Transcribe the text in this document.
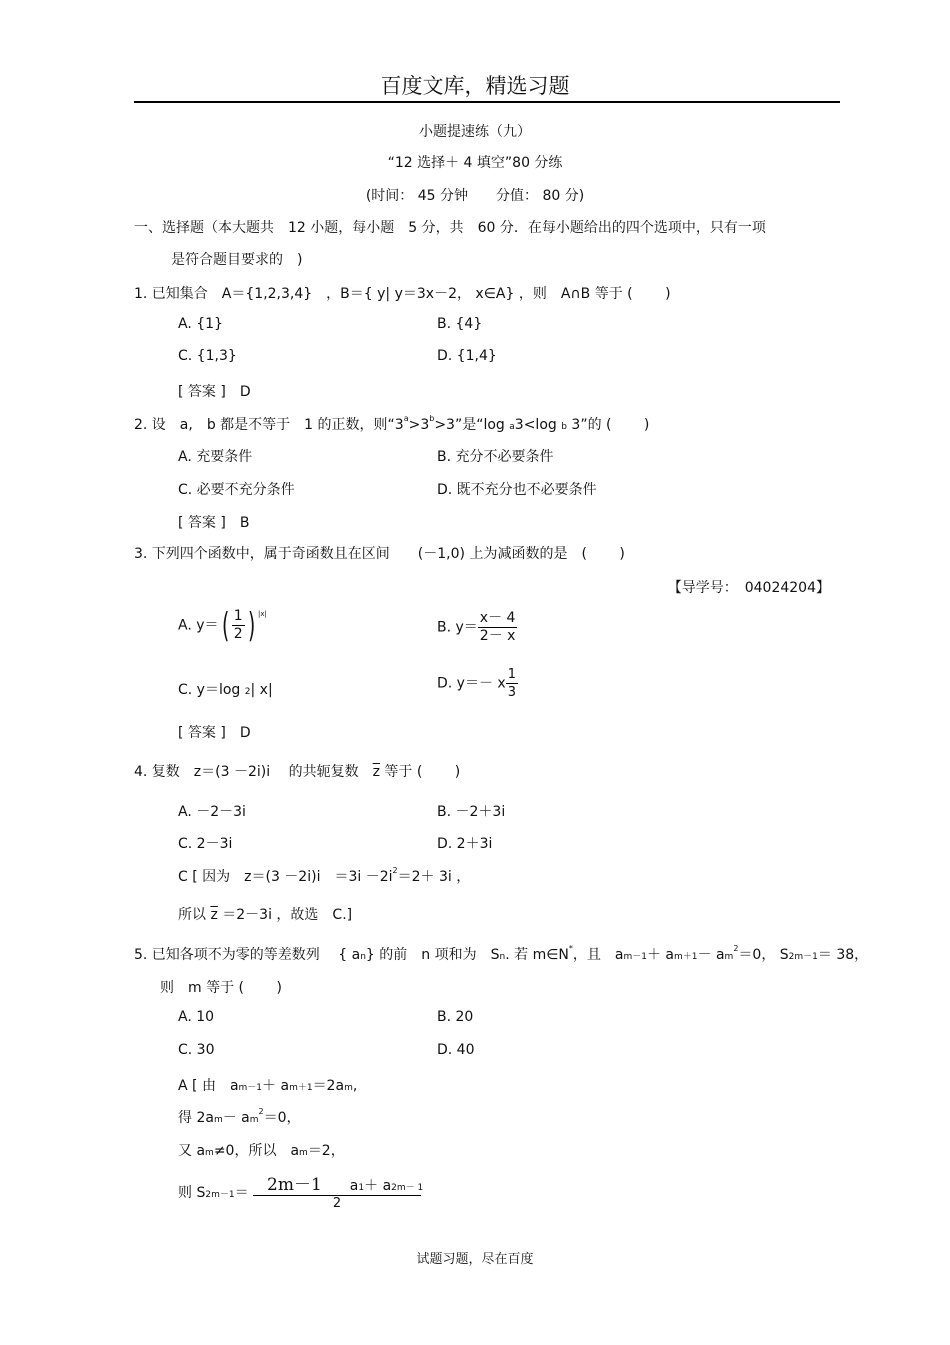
百度文库，精选习题
小题提速练（九）
“12 选择＋ 4 填空”80 分练
(时间： 45 分钟　　分值： 80 分)
一、选择题（本大题共　12 小题，每小题　5 分，共　60 分．在每小题给出的四个选项中，只有一项
是符合题目要求的　)
1. 已知集合　A＝{1,2,3,4}　，B＝{ y| y＝3x－2， x∈A} ，则　A∩B 等于 (　　 )
A. {1}	B. {4}
C. {1,3}	D. {1,4}
[ 答案 ]　D
2. 设　a,　b 都是不等于　1 的正数，则“$3^a>3^b>3$”是“log a3<log b 3”的 (　　 )
A. 充要条件	B. 充分不必要条件
C. 必要不充分条件	D. 既不充分也不必要条件
[ 答案 ]　B
3. 下列四个函数中，属于奇函数且在区间　　(－1,0) 上为减函数的是　(　　 )
【导学号：　04024204】
A. $y=( \frac{1}{2}$ ) $^{|x|}$
B. $y= \frac{x- 4}{2- x}$
C. y＝log 2| x|	D. y＝－ x $\frac{1}{3}$
[ 答案 ]　D
4. 复数　z＝(3 －2i)i　 的共轭复数　$\overline{z}$ 等于 (　　 )
A. －2－3i	B. －2＋3i
C. 2－3i	D. 2＋3i
C [ 因为　z＝(3 －2i)i　$=3i -2i^2=2+ 3i$ ，
所以 $\overline{z} =2-3i$ ，故选　C.]
5. 已知各项不为零的等差数列　 { an} 的前　n 项和为　Sn. 若 m∈N*，且　$am-1+ am+1- am^2=0$， S2m－1＝ 38，
则　m 等于 (　　 )
A. 10	B. 20
C. 30	D. 40
A [ 由　am－1＋ am＋1＝2am,
得 $2am- am^2=0$，
又 am≠0，所以　am＝2，
则 $S_{2m-1}= \frac{2m-1 a1+ a2m- 1}{2}$
试题习题，尽在百度
